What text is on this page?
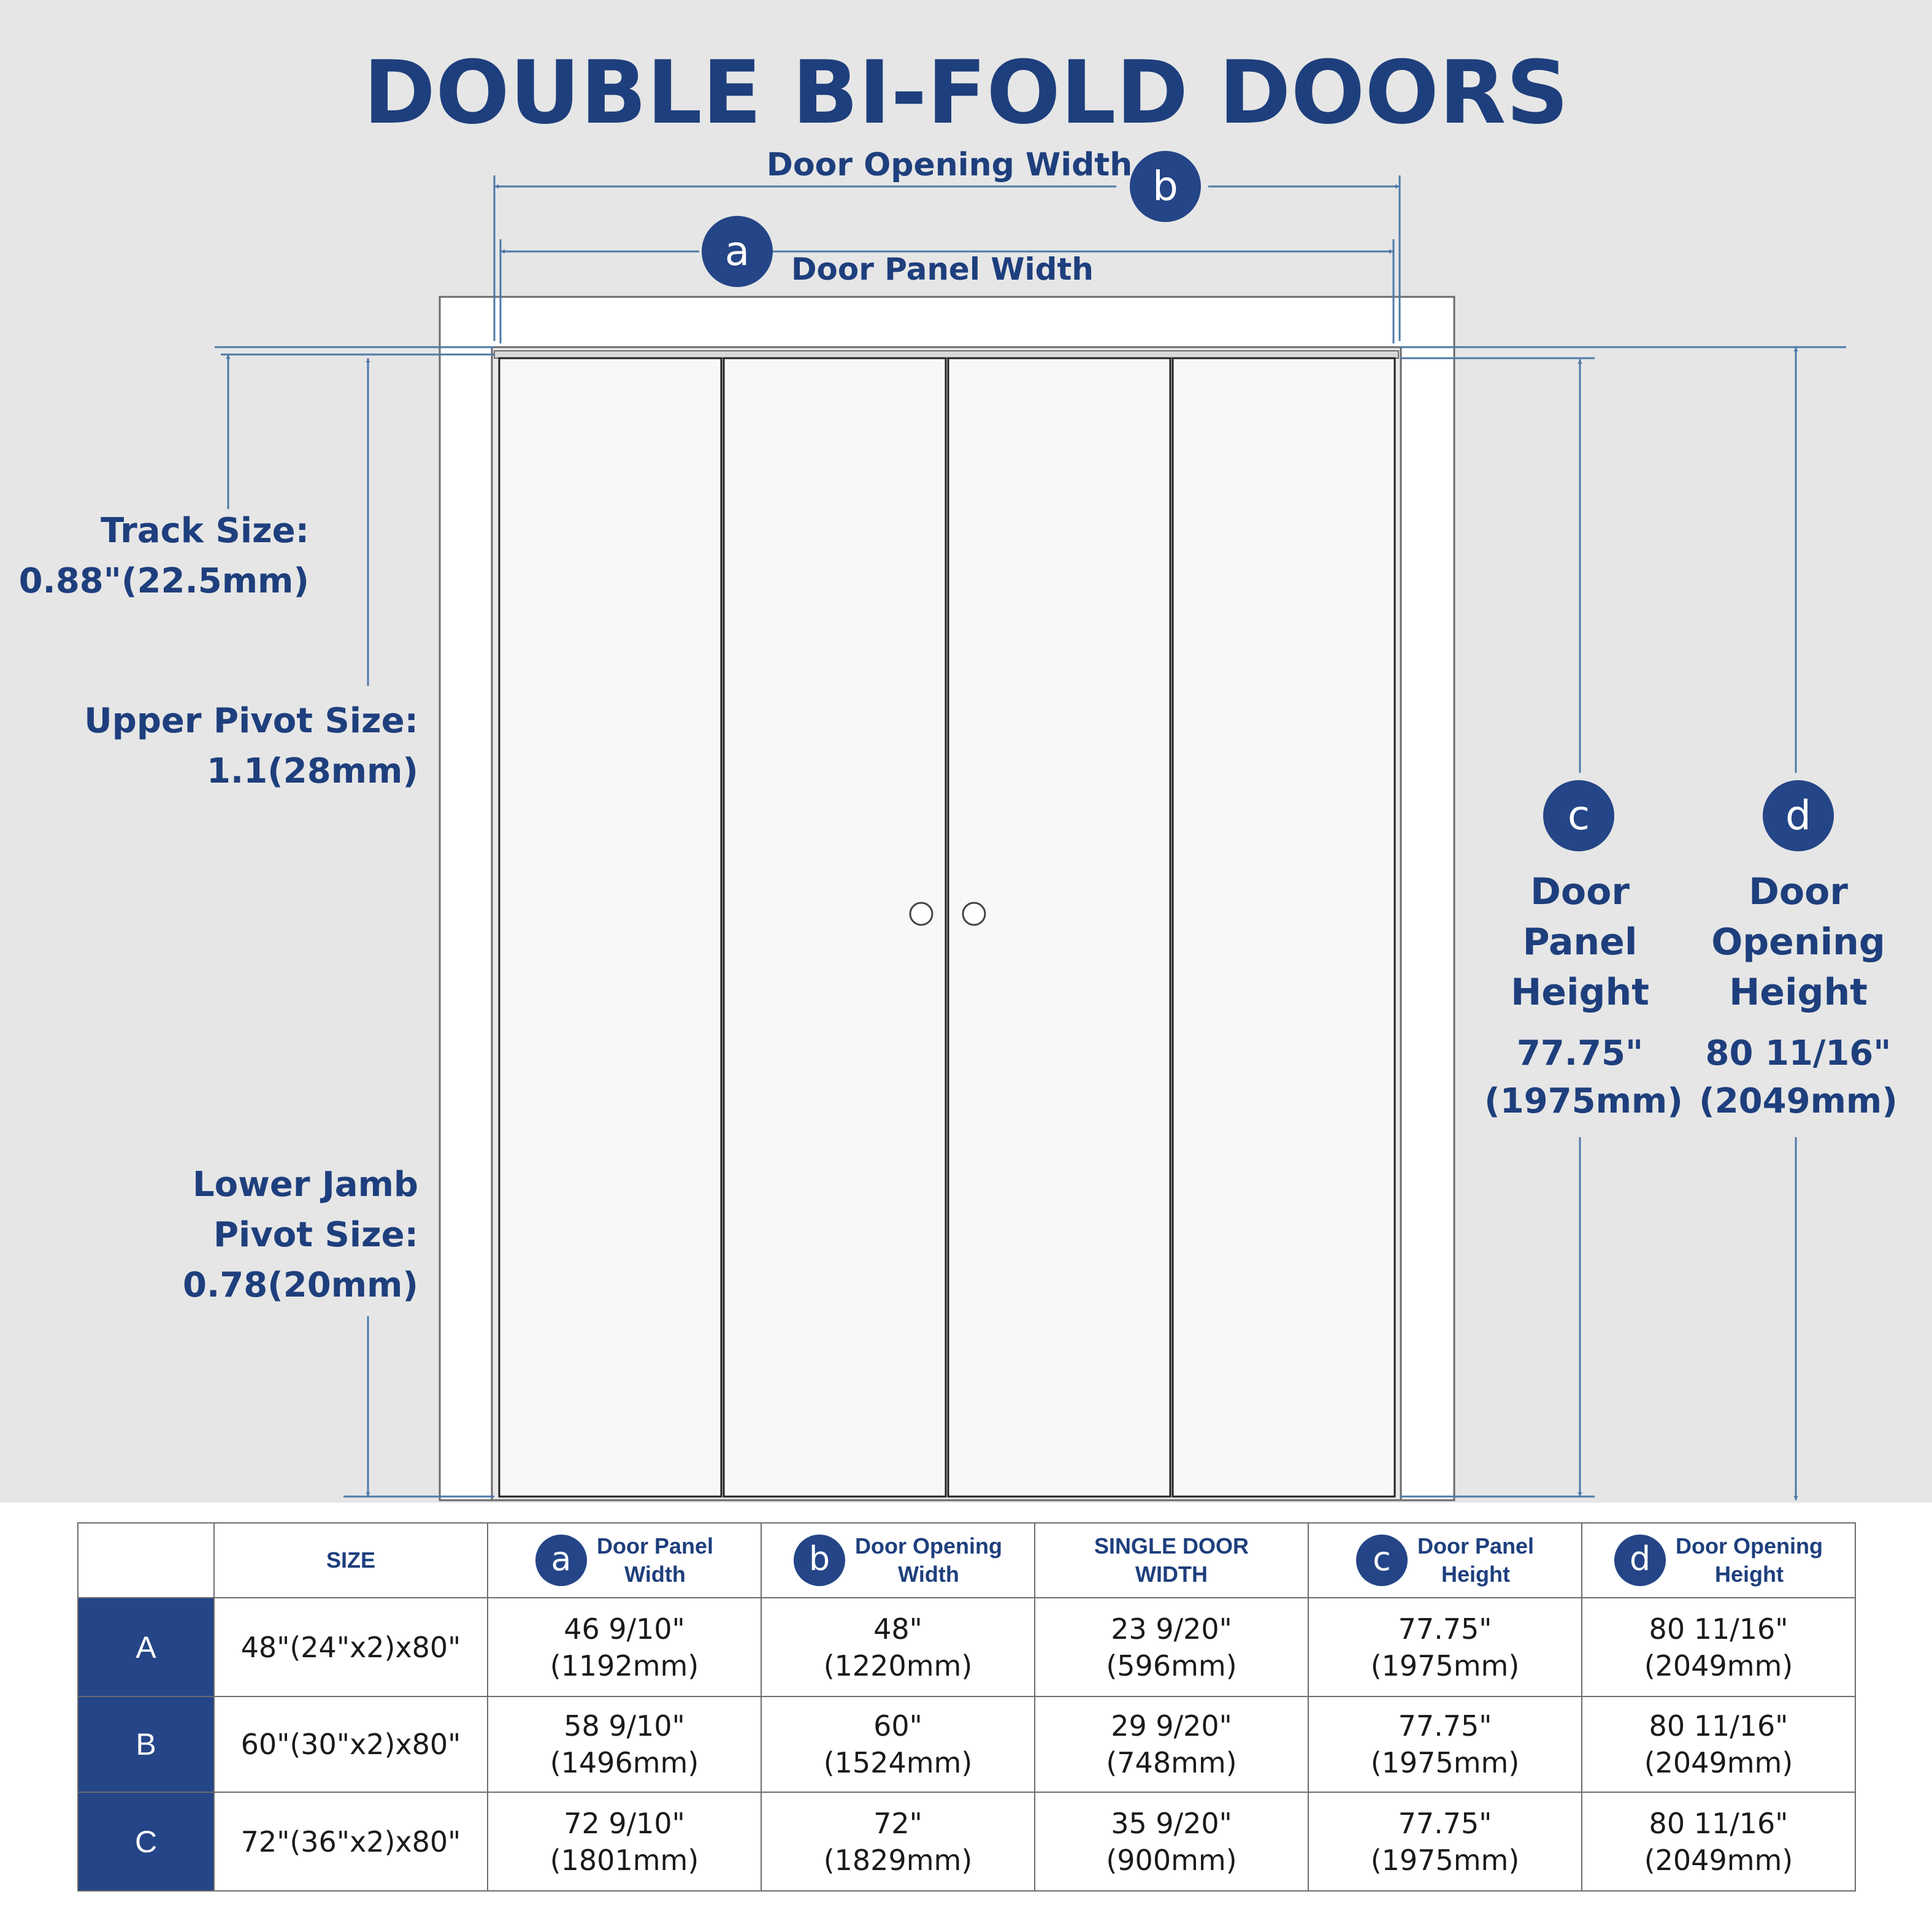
DOUBLE BI-FOLD DOORS
Door Opening Width b
a Door Panel Width
Track Size:
0.88"(22.5mm)
Upper Pivot Size:
1.1(28mm)
Lower Jamb
Pivot Size:
0.78(20mm)
c
Door
Panel
Height
77.75"
(1975mm)
d
Door
Opening
Height
80 11/16"
(2049mm)
	SIZE	a Door Panel
Width	b Door Opening
Width	SINGLE DOOR
WIDTH	c Door Panel
Height	d Door Opening
Height

A	48"(24"x2)x80"	46 9/10"
(1192mm)	48"
(1220mm)	23 9/20"
(596mm)	77.75"
(1975mm)	80 11/16"
(2049mm)

B	60"(30"x2)x80"	58 9/10"
(1496mm)	60"
(1524mm)	29 9/20"
(748mm)	77.75"
(1975mm)	80 11/16"
(2049mm)

C	72"(36"x2)x80"	72 9/10"
(1801mm)	72"
(1829mm)	35 9/20"
(900mm)	77.75"
(1975mm)	80 11/16"
(2049mm)
